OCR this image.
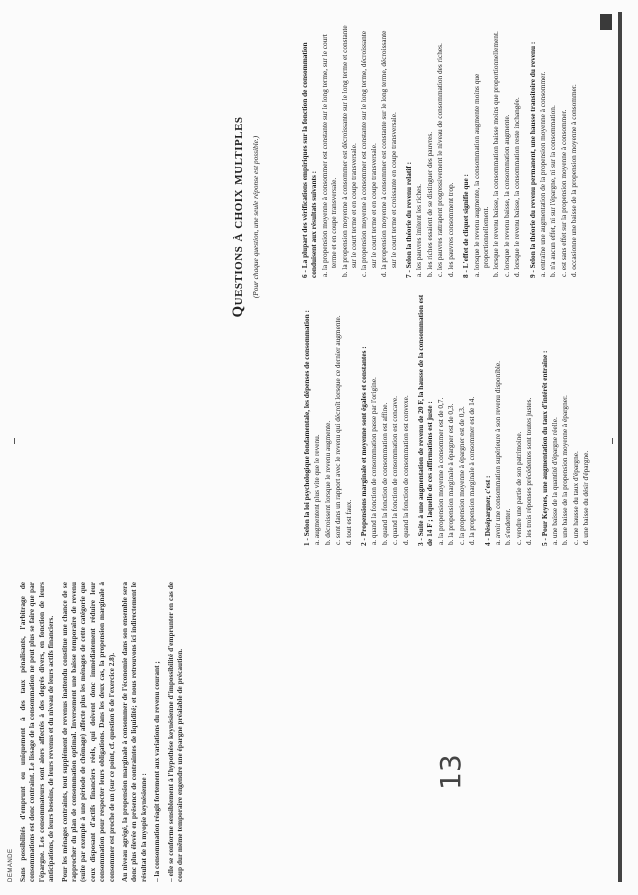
DEMANDE Sans possibilités d'emprunt ou uniquement à des taux pénalisants, l'arbitrage de consommations est donc contraint. Le lissage de la consommation ne peut plus se faire que par l'épargne. Les consommateurs sont alors affectés à des degrés divers, en fonction de leurs anticipations, de leurs besoins, de leurs revenus et du niveau de leurs actifs financiers. Pour les ménages contraints, tout supplément de revenus inattendu constitue une chance de se rapprocher du plan de consommation optimal. Inversement une baisse temporaire de revenu (suite par exemple à une période de chômage) affecte plus les ménages de cette catégorie que ceux disposant d'actifs financiers réels, qui doivent donc immédiatement réduire leur consommation pour respecter leurs obligations. Dans les deux cas, la propension marginale à consommer est proche de un (sur ce point, cf. question 6 de l'exercice 2.8). Au niveau agrégé, la propension marginale à consommer de l'économie dans son ensemble sera donc plus élevée en présence de contraintes de liquidité; et nous retrouvons ici indirectement le résultat de la myopie keynésienne : – la consommation réagit fortement aux variations du revenu courant ; – elle se conforme sensiblement à l'hypothèse keynésienne d'impossibilité d'emprunter en cas de coup dur même temporaire engendre une épargne préalable de précaution.	13

Questions à choix multiples (Pour chaque question, une seule réponse est possible.)

1 - Selon la loi psychologique fondamentale, les dépenses de consommation : a. augmentent plus vite que le revenu. b. décroissent lorsque le revenu augmente. c. sont dans un rapport avec le revenu qui décroît lorsque ce dernier augmente. d. tout est faux. 2 - Propensions marginale et moyenne sont égales et constantes : a. quand la fonction de consommation passe par l'origine. b. quand la fonction de consommation est affine. c. quand la fonction de consommation est concave. d. quand la fonction de consommation est convexe. 3 - Suite à une augmentation de revenu de 20 F, la hausse de la consommation est de 14 F ; laquelle de ces affirmations est juste : a. la propension moyenne à consommer est de 0,7. b. la propension marginale à épargner est de 0,3. c. la propension moyenne à épargner est de 0,3. d. la propension marginale à consommer est de 14. 4 - Désépargner, c'est : a. avoir une consommation supérieure à son revenu disponible. b. s'endetter. c. vendre une partie de son patrimoine. d. les trois réponses précédentes sont toutes justes. 5 - Pour Keynes, une augmentation du taux d'intérêt entraîne : a. une baisse de la quantité d'épargne réelle. b. une baisse de la propension moyenne à épargner. c. une hausse du taux d'épargne. d. une baisse du désir d'épargne.
6 - La plupart des vérifications empiriques sur la fonction de consommation conduisent aux résultats suivants : a. la propension moyenne à consommer est constante sur le long terme, sur le court terme et en coupe transversale. b. la propension moyenne à consommer est décroissante sur le long terme et constante sur le court terme et en coupe transversale. c. la propension moyenne à consommer est constante sur le long terme, décroissante sur le court terme et en coupe transversale. d. la propension moyenne à consommer est constante sur le long terme, décroissante sur le court terme et croissante en coupe transversale. 7 - Selon la théorie du revenu relatif : a. les pauvres imitent les riches. b. les riches essaient de se distinguer des pauvres. c. les pauvres rattrapent progressivement le niveau de consommation des riches. d. les pauvres consomment trop. 8 - L'effet de cliquet signifie que : a. lorsque le revenu augmente, la consommation augmente moins que proportionnellement. b. lorsque le revenu baisse, la consommation baisse moins que proportionnellement. c. lorsque le revenu baisse, la consommation augmente. d. lorsque le revenu baisse, la consommation reste inchangée. 9 - Selon la théorie du revenu permanent, une hausse transitoire du revenu : a. entraîne une augmentation de la propension moyenne à consommer. b. n'a aucun effet, ni sur l'épargne, ni sur la consommation. c. est sans effet sur la propension moyenne à consommer. d. occasionne une baisse de la propension moyenne à consommer.
